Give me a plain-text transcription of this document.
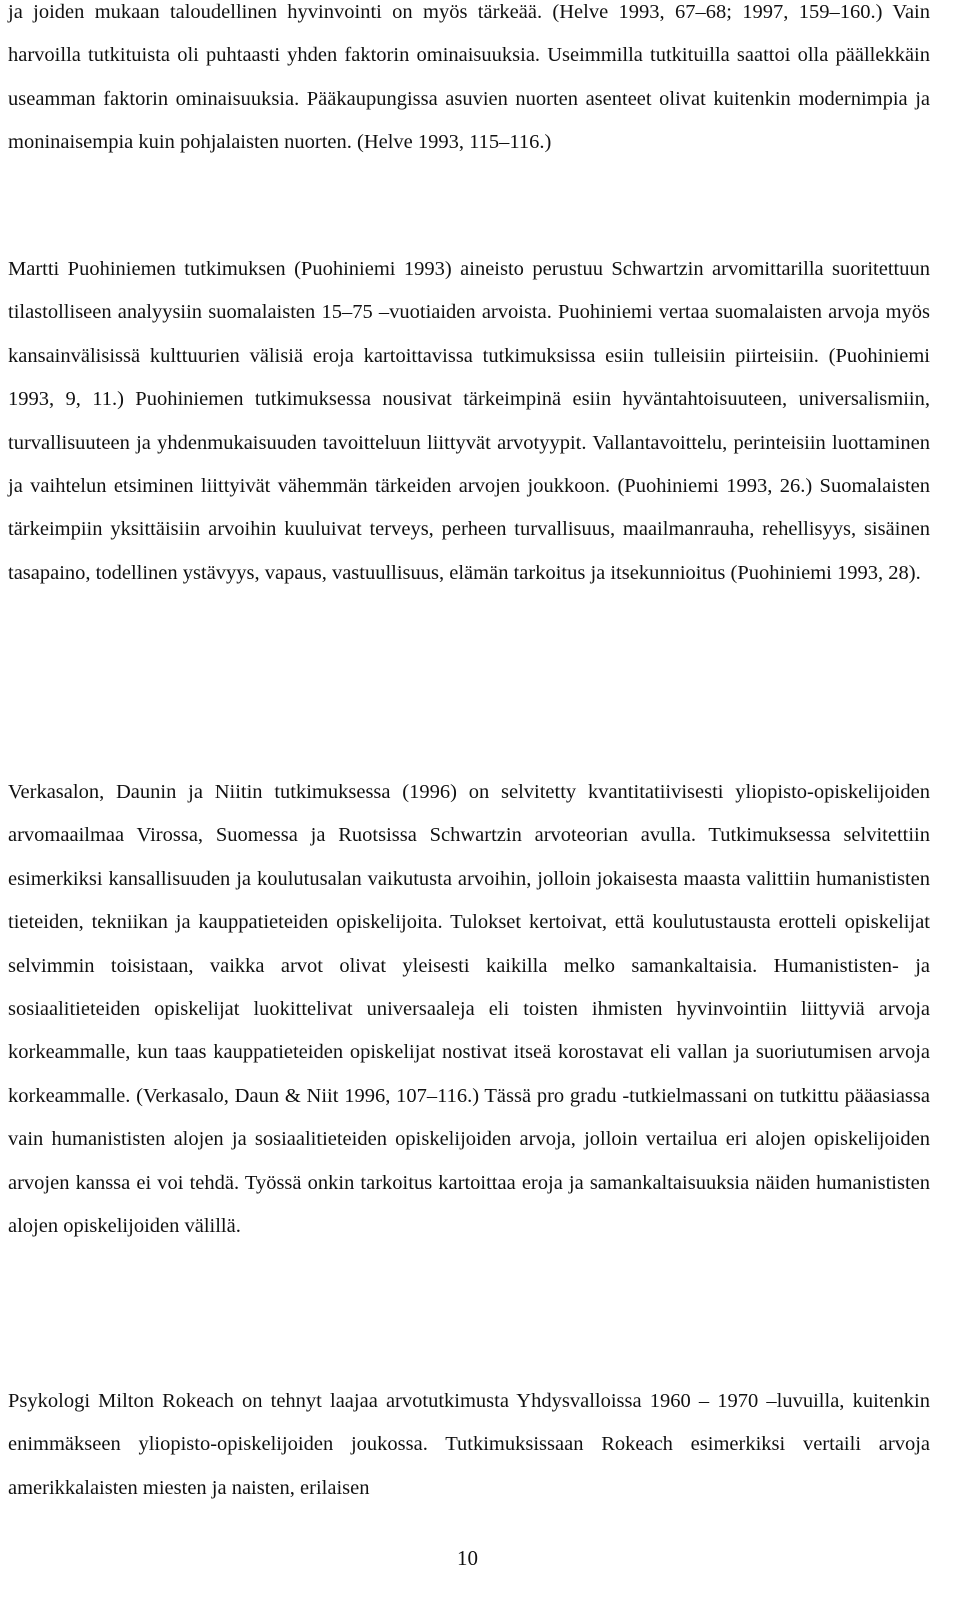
ja joiden mukaan taloudellinen hyvinvointi on myös tärkeää. (Helve 1993, 67–68; 1997, 159–160.) Vain harvoilla tutkituista oli puhtaasti yhden faktorin ominaisuuksia. Useimmilla tutkituilla saattoi olla päällekkäin useamman faktorin ominaisuuksia. Pääkaupungissa asuvien nuorten asenteet olivat kuitenkin modernimpia ja moninaisempia kuin pohjalaisten nuorten. (Helve 1993, 115–116.)

Martti Puohiniemen tutkimuksen (Puohiniemi 1993) aineisto perustuu Schwartzin arvomittarilla suoritettuun tilastolliseen analyysiin suomalaisten 15–75 –vuotiaiden arvoista. Puohiniemi vertaa suomalaisten arvoja myös kansainvälisissä kulttuurien välisiä eroja kartoittavissa tutkimuksissa esiin tulleisiin piirteisiin. (Puohiniemi 1993, 9, 11.) Puohiniemen tutkimuksessa nousivat tärkeimpinä esiin hyväntahtoisuuteen, universalismiin, turvallisuuteen ja yhdenmukaisuuden tavoitteluun liittyvät arvotyypit. Vallantavoittelu, perinteisiin luottaminen ja vaihtelun etsiminen liittyivät vähemmän tärkeiden arvojen joukkoon. (Puohiniemi 1993, 26.) Suomalaisten tärkeimpiin yksittäisiin arvoihin kuuluivat terveys, perheen turvallisuus, maailmanrauha, rehellisyys, sisäinen tasapaino, todellinen ystävyys, vapaus, vastuullisuus, elämän tarkoitus ja itsekunnioitus (Puohiniemi 1993, 28).

Verkasalon, Daunin ja Niitin tutkimuksessa (1996) on selvitetty kvantitatiivisesti yliopisto-opiskelijoiden arvomaailmaa Virossa, Suomessa ja Ruotsissa Schwartzin arvoteorian avulla. Tutkimuksessa selvitettiin esimerkiksi kansallisuuden ja koulutusalan vaikutusta arvoihin, jolloin jokaisesta maasta valittiin humanististen tieteiden, tekniikan ja kauppatieteiden opiskelijoita. Tulokset kertoivat, että koulutustausta erotteli opiskelijat selvimmin toisistaan, vaikka arvot olivat yleisesti kaikilla melko samankaltaisia. Humanististen- ja sosiaalitieteiden opiskelijat luokittelivat universaaleja eli toisten ihmisten hyvinvointiin liittyviä arvoja korkeammalle, kun taas kauppatieteiden opiskelijat nostivat itseä korostavat eli vallan ja suoriutumisen arvoja korkeammalle. (Verkasalo, Daun & Niit 1996, 107–116.) Tässä pro gradu -tutkielmassani on tutkittu pääasiassa vain humanististen alojen ja sosiaalitieteiden opiskelijoiden arvoja, jolloin vertailua eri alojen opiskelijoiden arvojen kanssa ei voi tehdä. Työssä onkin tarkoitus kartoittaa eroja ja samankaltaisuuksia näiden humanististen alojen opiskelijoiden välillä.

Psykologi Milton Rokeach on tehnyt laajaa arvotutkimusta Yhdysvalloissa 1960 – 1970 –luvuilla, kuitenkin enimmäkseen yliopisto-opiskelijoiden joukossa. Tutkimuksissaan Rokeach esimerkiksi vertaili arvoja amerikkalaisten miesten ja naisten, erilaisen

10
